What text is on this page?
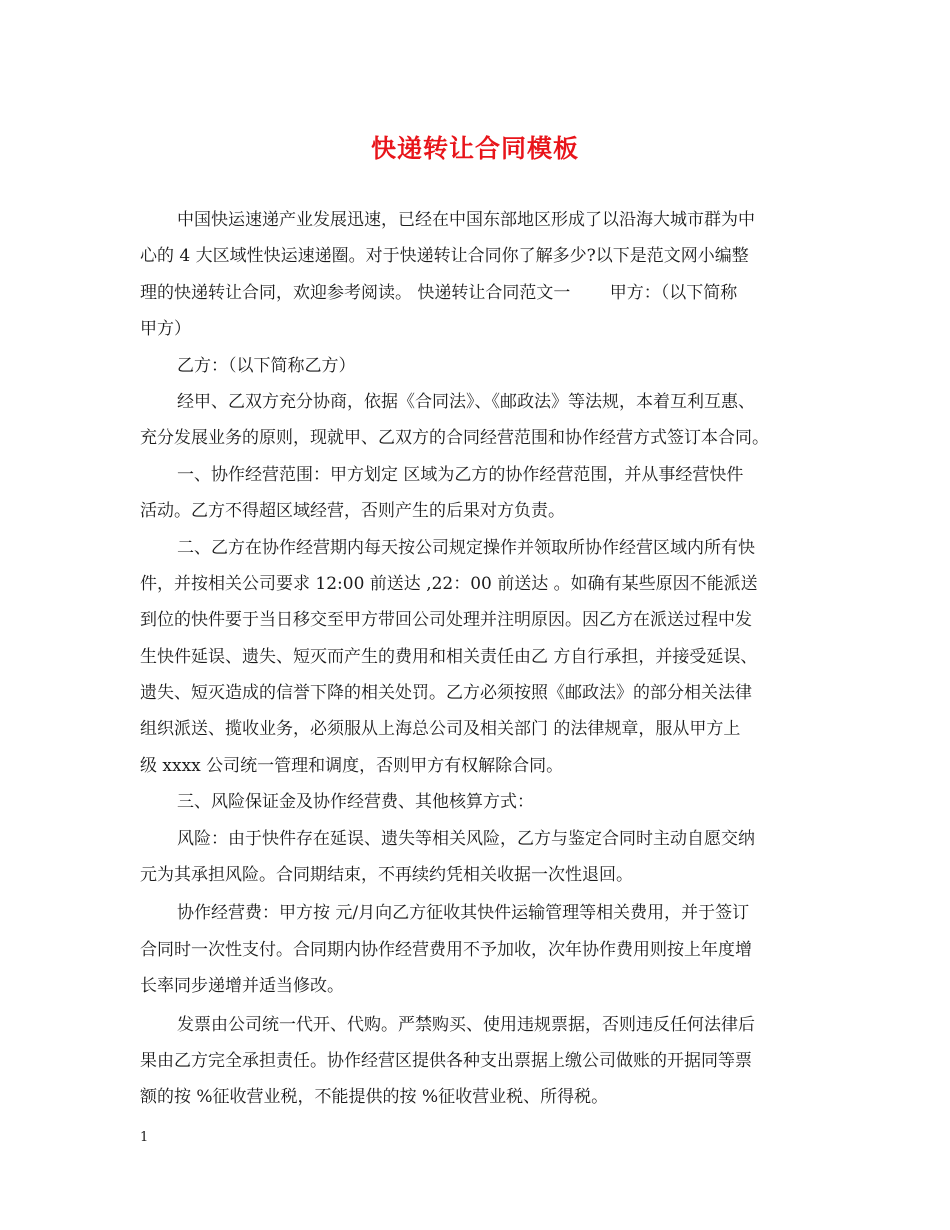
快递转让合同模板
中国快运速递产业发展迅速，已经在中国东部地区形成了以沿海大城市群为中
心的 4 大区域性快运速递圈。对于快递转让合同你了解多少?以下是范文网小编整
理的快递转让合同，欢迎参考阅读。 快递转让合同范文一 　　甲方：（以下简称
甲方）
乙方：（以下简称乙方）
经甲、乙双方充分协商，依据《合同法》、《邮政法》等法规，本着互利互惠、
充分发展业务的原则，现就甲、乙双方的合同经营范围和协作经营方式签订本合同。
一、协作经营范围：甲方划定 区域为乙方的协作经营范围，并从事经营快件
活动。乙方不得超区域经营，否则产生的后果对方负责。
二、乙方在协作经营期内每天按公司规定操作并领取所协作经营区域内所有快
件，并按相关公司要求 12:00 前送达 ,22：00 前送达 。如确有某些原因不能派送
到位的快件要于当日移交至甲方带回公司处理并注明原因。因乙方在派送过程中发
生快件延误、遗失、短灭而产生的费用和相关责任由乙 方自行承担，并接受延误、
遗失、短灭造成的信誉下降的相关处罚。乙方必须按照《邮政法》的部分相关法律
组织派送、揽收业务，必须服从上海总公司及相关部门 的法律规章，服从甲方上
级 xxxx 公司统一管理和调度，否则甲方有权解除合同。
三、风险保证金及协作经营费、其他核算方式：
风险：由于快件存在延误、遗失等相关风险，乙方与鉴定合同时主动自愿交纳
元为其承担风险。合同期结束，不再续约凭相关收据一次性退回。
协作经营费：甲方按 元/月向乙方征收其快件运输管理等相关费用，并于签订
合同时一次性支付。合同期内协作经营费用不予加收，次年协作费用则按上年度增
长率同步递增并适当修改。
发票由公司统一代开、代购。严禁购买、使用违规票据，否则违反任何法律后
果由乙方完全承担责任。协作经营区提供各种支出票据上缴公司做账的开据同等票
额的按 %征收营业税，不能提供的按 %征收营业税、所得税。
1
